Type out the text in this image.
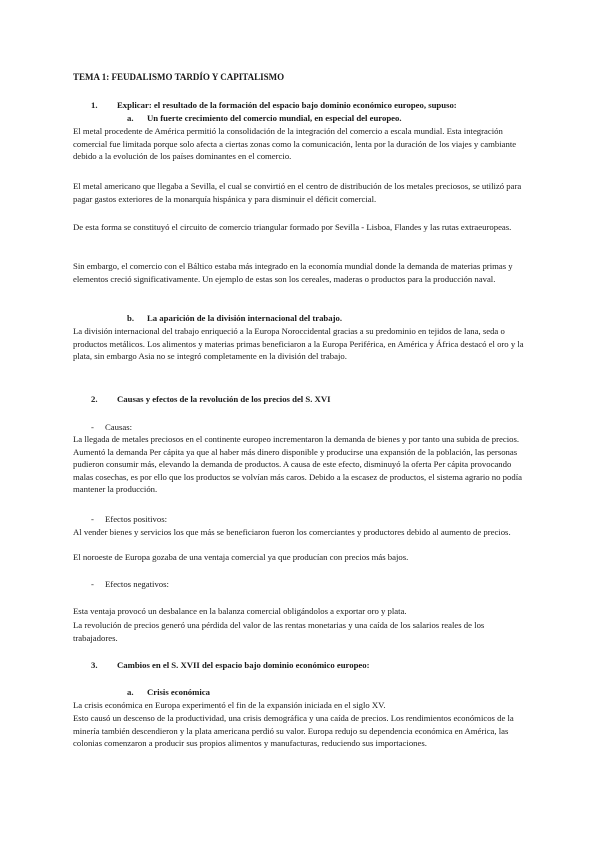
TEMA 1: FEUDALISMO TARDÍO Y CAPITALISMO
1. Explicar: el resultado de la formación del espacio bajo dominio económico europeo, supuso:
a. Un fuerte crecimiento del comercio mundial, en especial del europeo.

El metal procedente de América permitió la consolidación de la integración del comercio a escala mundial. Esta integración comercial fue limitada porque solo afecta a ciertas zonas como la comunicación, lenta por la duración de los viajes y cambiante debido a la evolución de los países dominantes en el comercio.

El metal americano que llegaba a Sevilla, el cual se convirtió en el centro de distribución de los metales preciosos, se utilizó para pagar gastos exteriores de la monarquía hispánica y para disminuir el déficit comercial.

De esta forma se constituyó el circuito de comercio triangular formado por Sevilla - Lisboa, Flandes y las rutas extraeuropeas.

Sin embargo, el comercio con el Báltico estaba más integrado en la economía mundial donde la demanda de materias primas y elementos creció significativamente. Un ejemplo de estas son los cereales, maderas o productos para la producción naval.

b. La aparición de la división internacional del trabajo.

La división internacional del trabajo enriqueció a la Europa Noroccidental gracias a su predominio en tejidos de lana, seda o productos metálicos. Los alimentos y materias primas beneficiaron a la Europa Periférica, en América y África destacó el oro y la plata, sin embargo Asia no se integró completamente en la división del trabajo.

2. Causas y efectos de la revolución de los precios del S. XVI
- Causas:

La llegada de metales preciosos en el continente europeo incrementaron la demanda de bienes y por tanto una subida de precios. Aumentó la demanda Per cápita ya que al haber más dinero disponible y producirse una expansión de la población, las personas pudieron consumir más, elevando la demanda de productos. A causa de este efecto, disminuyó la oferta Per cápita provocando malas cosechas, es por ello que los productos se volvían más caros. Debido a la escasez de productos, el sistema agrario no podía mantener la producción.

- Efectos positivos:

Al vender bienes y servicios los que más se beneficiaron fueron los comerciantes y productores debido al aumento de precios.

El noroeste de Europa gozaba de una ventaja comercial ya que producían con precios más bajos.

- Efectos negativos:

Esta ventaja provocó un desbalance en la balanza comercial obligándolos a exportar oro y plata.

La revolución de precios generó una pérdida del valor de las rentas monetarias y una caída de los salarios reales de los trabajadores.

3. Cambios en el S. XVII del espacio bajo dominio económico europeo:
a. Crisis económica

La crisis económica en Europa experimentó el fin de la expansión iniciada en el siglo XV.

Esto causó un descenso de la productividad, una crisis demográfica y una caída de precios. Los rendimientos económicos de la minería también descendieron y la plata americana perdió su valor. Europa redujo su dependencia económica en América, las colonias comenzaron a producir sus propios alimentos y manufacturas, reduciendo sus importaciones.
